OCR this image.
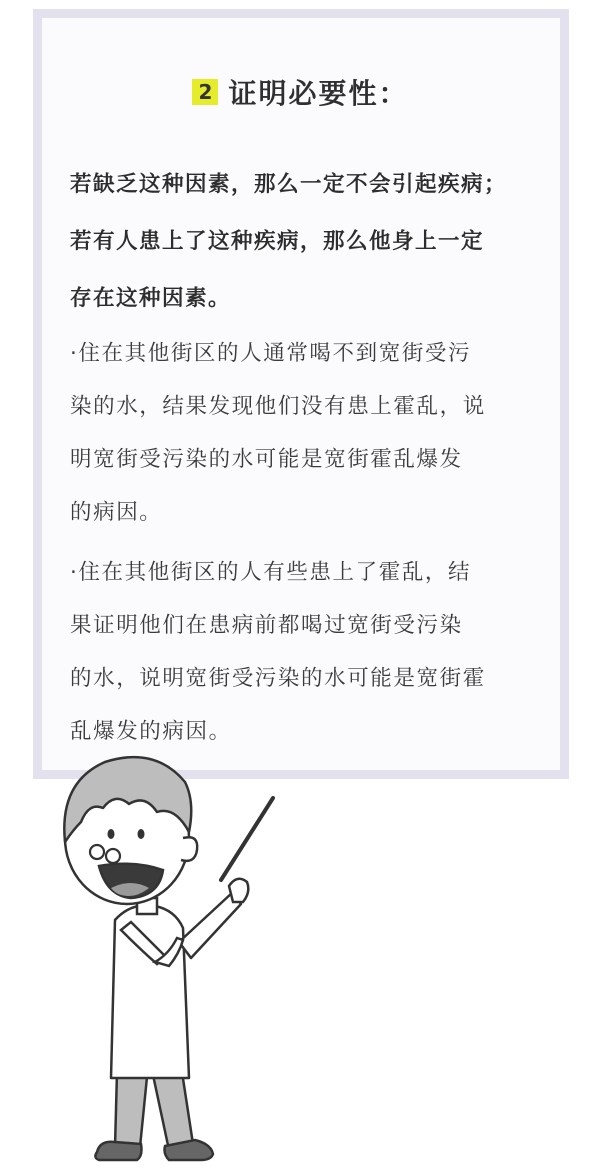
2 证明必要性：
若缺乏这种因素，那么一定不会引起疾病；
若有人患上了这种疾病，那么他身上一定
存在这种因素。
·住在其他街区的人通常喝不到宽街受污
染的水，结果发现他们没有患上霍乱，说
明宽街受污染的水可能是宽街霍乱爆发
的病因。
·住在其他街区的人有些患上了霍乱，结
果证明他们在患病前都喝过宽街受污染
的水，说明宽街受污染的水可能是宽街霍
乱爆发的病因。
